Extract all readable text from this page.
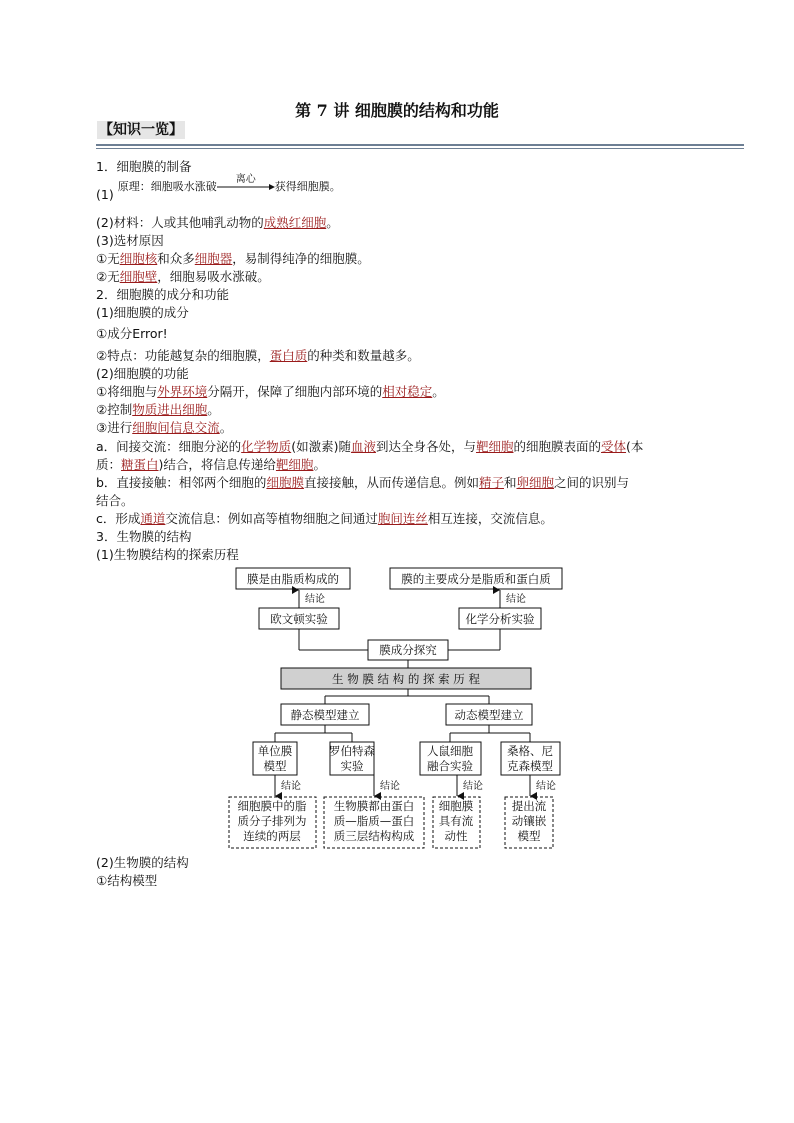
第 7 讲 细胞膜的结构和功能
【知识一览】
1．细胞膜的制备
(1) 原理：细胞吸水涨破
离心
获得细胞膜。
(2)材料：人或其他哺乳动物的成熟红细胞。
(3)选材原因
①无细胞核和众多细胞器，易制得纯净的细胞膜。
②无细胞壁，细胞易吸水涨破。
2．细胞膜的成分和功能
(1)细胞膜的成分
①成分Error!
②特点：功能越复杂的细胞膜，蛋白质的种类和数量越多。
(2)细胞膜的功能
①将细胞与外界环境分隔开，保障了细胞内部环境的相对稳定。
②控制物质进出细胞。
③进行细胞间信息交流。
a．间接交流：细胞分泌的化学物质(如激素)随血液到达全身各处，与靶细胞的细胞膜表面的受体(本
质：糖蛋白)结合，将信息传递给靶细胞。
b．直接接触：相邻两个细胞的细胞膜直接接触，从而传递信息。例如精子和卵细胞之间的识别与
结合。
c．形成通道交流信息：例如高等植物细胞之间通过胞间连丝相互连接，交流信息。
3．生物膜的结构
(1)生物膜结构的探索历程
膜是由脂质构成的	膜的主要成分是脂质和蛋白质
欧文顿实验	化学分析实验
膜成分探究
生 物 膜 结 构 的 探 索 历 程
静态模型建立	动态模型建立
单位膜
模型
罗伯特森
实验
人鼠细胞
融合实验
桑格、尼
克森模型
细胞膜中的脂
质分子排列为
连续的两层
生物膜都由蛋白
质—脂质—蛋白
质三层结构构成
细胞膜
具有流
动性
提出流
动镶嵌
模型
结论	结论
结论	结论	结论	结论
(2)生物膜的结构
①结构模型
